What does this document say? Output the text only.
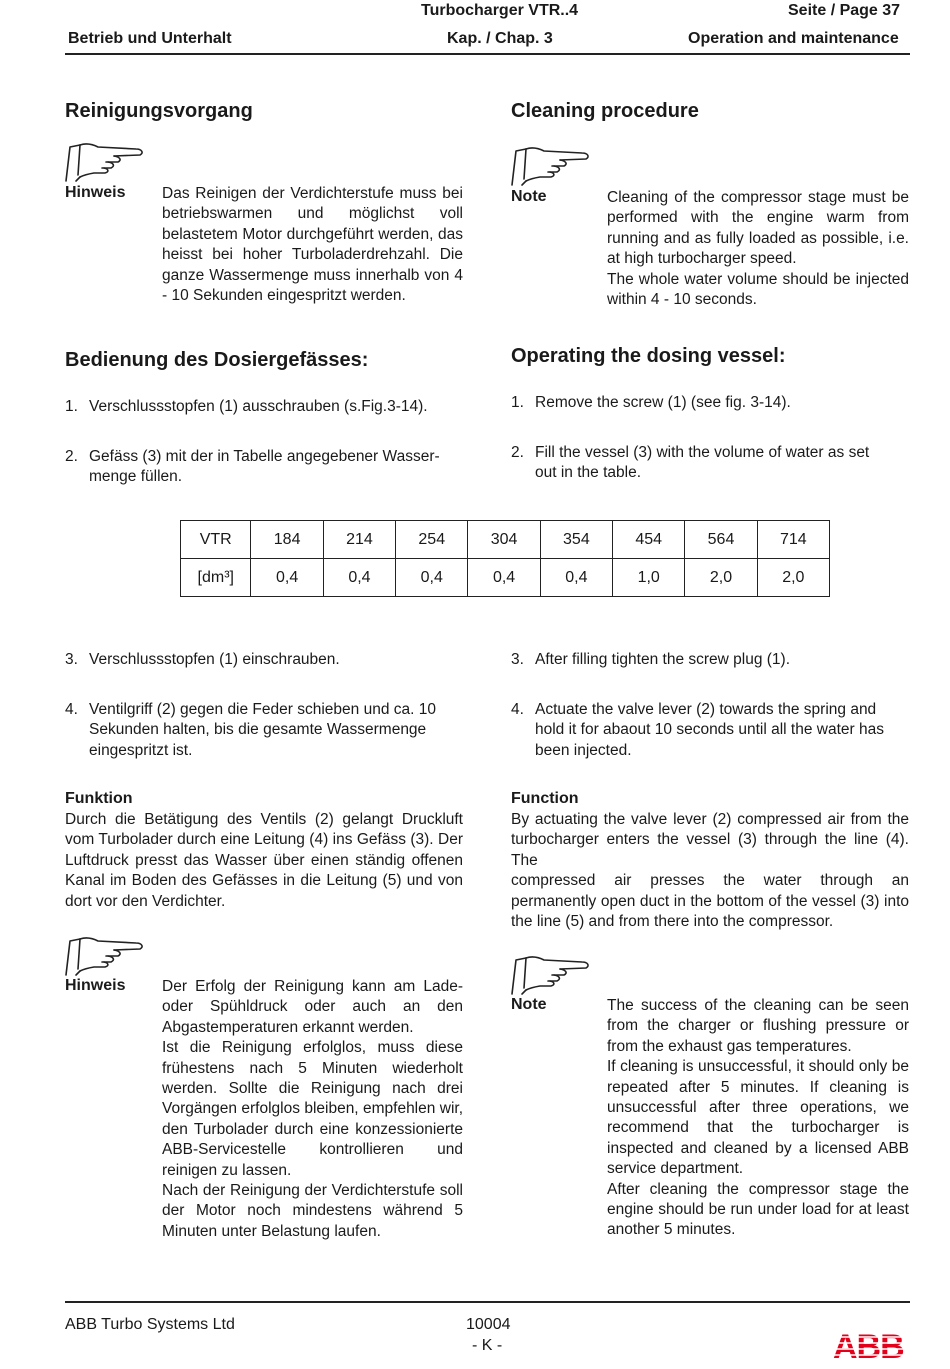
Turbocharger VTR..4	Seite / Page 37
Betrieb und Unterhalt	Kap. / Chap. 3	Operation and maintenance
Reinigungsvorgang
Hinweis Das Reinigen der Verdichterstufe muss bei betriebswarmen und möglichst voll belastetem Motor durchgeführt werden, das heisst bei hoher Turboladerdrehzahl. Die ganze Wassermenge muss innerhalb von 4 - 10 Sekunden eingespritzt werden.
Bedienung des Dosiergefässes:
1. Verschlussstopfen (1) ausschrauben (s.Fig.3-14).
2. Gefäss (3) mit der in Tabelle angegebener Wasser-
menge füllen.
Cleaning procedure
Note	Cleaning of the compressor stage must be performed with the engine warm from running and as fully loaded as possible, i.e. at high turbocharger speed.
The whole water volume should be injected within 4 - 10 seconds.
Operating the dosing vessel:
1. Remove the screw (1) (see fig. 3-14).
2. Fill the vessel (3) with the volume of water as set
out in the table.
VTR	184	214	254	304	354	454	564	714
[dm³]	0,4	0,4	0,4	0,4	0,4	1,0	2,0	2,0
3. Verschlussstopfen (1) einschrauben.
4. Ventilgriff (2) gegen die Feder schieben und ca. 10
Sekunden halten, bis die gesamte Wassermenge
eingespritzt ist.
3. After filling tighten the screw plug (1).
4. Actuate the valve lever (2) towards the spring and
hold it for abaout 10 seconds until all the water has
been injected.
Funktion
Durch die Betätigung des Ventils (2) gelangt Druckluft vom Turbolader durch eine Leitung (4) ins Gefäss (3). Der Luftdruck presst das Wasser über einen ständig offenen Kanal im Boden des Gefässes in die Leitung (5) und von dort vor den Verdichter.
Function
By actuating the valve lever (2) compressed air from the turbocharger enters the vessel (3) through the line (4). The
compressed air presses the water through an permanently open duct in the bottom of the vessel (3) into the line (5) and from there into the compressor.
Hinweis Der Erfolg der Reinigung kann am Lade- oder Spühldruck oder auch an den Abgastemperaturen erkannt werden.
Ist die Reinigung erfolglos, muss diese frühestens nach 5 Minuten wiederholt werden. Sollte die Reinigung nach drei Vorgängen erfolglos bleiben, empfehlen wir, den Turbolader durch eine konzessionierte ABB-Servicestelle kontrollieren und reinigen zu lassen.
Nach der Reinigung der Verdichterstufe soll der Motor noch mindestens während 5 Minuten unter Belastung laufen.
Note	The success of the cleaning can be seen from the charger or flushing pressure or from the exhaust gas temperatures.
If cleaning is unsuccessful, it should only be repeated after 5 minutes. If cleaning is unsuccessful after three operations, we recommend that the turbocharger is inspected and cleaned by a licensed ABB service department.
After cleaning the compressor stage the engine should be run under load for at least another 5 minutes.
ABB Turbo Systems Ltd	10004
- K -	ABB
